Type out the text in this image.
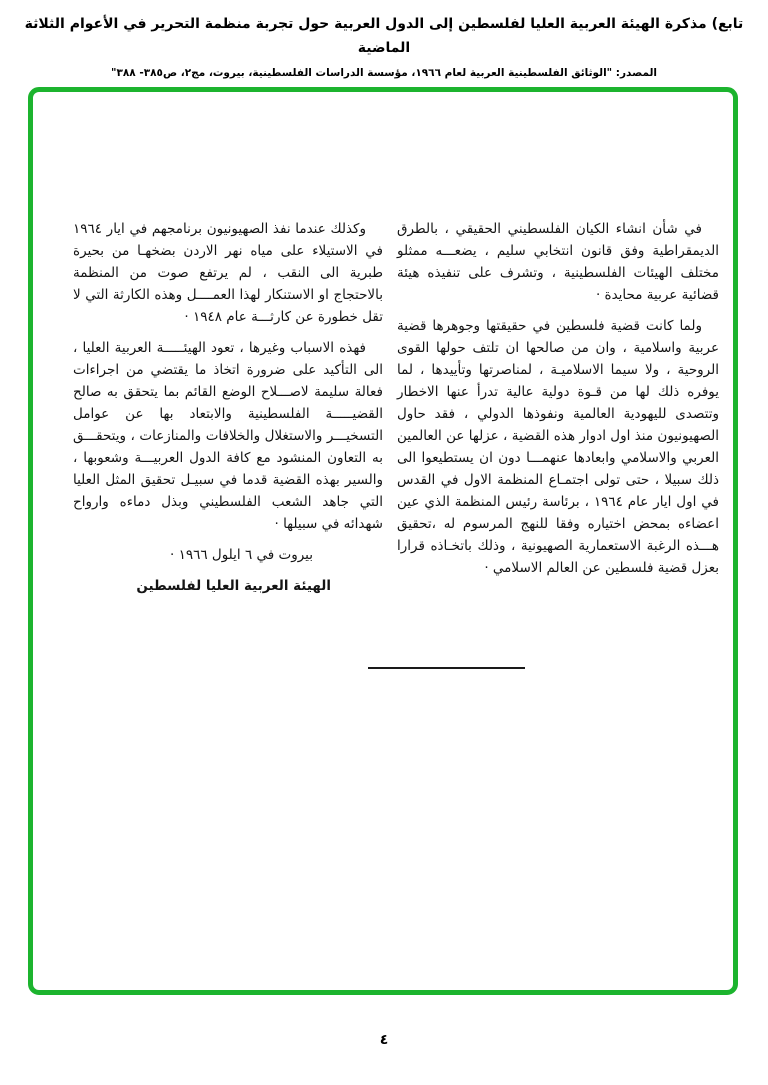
تابع) مذكرة الهيئة العربية العليا لفلسطين إلى الدول العربية حول تجربة منظمة التحرير في الأعوام الثلاثة الماضية
المصدر: "الوثائق الفلسطينية العربية لعام ١٩٦٦، مؤسسة الدراسات الفلسطينية، بيروت، مج٢، ص٣٨٥- ٣٨٨"

في شأن انشاء الكيان الفلسطيني الحقيقي ، بالطرق الديمقراطية وفق قانون انتخابي سليم ، يضعـــه ممثلو مختلف الهيئات الفلسطينية ، وتشرف على تنفيذه هيئة قضائية عربية محايدة ·

ولما كانت قضية فلسطين في حقيقتها وجوهرها قضية عربية واسلامية ، وان من صالحها ان تلتف حولها القوى الروحية ، ولا سيما الاسلاميـة ، لمناصرتها وتأييدها ، لما يوفره ذلك لها من قـوة دولية عالية تدرأ عنها الاخطار وتتصدى لليهودية العالمية ونفوذها الدولي ، فقد حاول الصهيونيون منذ اول ادوار هذه القضية ، عزلها عن العالمين العربي والاسلامي وابعادها عنهمـــا دون ان يستطيعوا الى ذلك سبيلا ، حتى تولى اجتمـاع المنظمة الاول في القدس في اول ايار عام ١٩٦٤ ، برئاسة رئيس المنظمة الذي عين اعضاءه بمحض اختياره وفقا للنهج المرسوم له ،تحقيق هـــذه الرغبة الاستعمارية الصهيونية ، وذلك باتخـاذه قرارا بعزل قضية فلسطين عن العالم الاسلامي ·

وكذلك عندما نفذ الصهيونيون برنامجهم في ايار ١٩٦٤ في الاستيلاء على مياه نهر الاردن بضخهـا من بحيرة طبرية الى النقب ، لم يرتفع صوت من المنظمة بالاحتجاج او الاستنكار لهذا العمــــل وهذه الكارثة التي لا تقل خطورة عن كارثـــة عام ١٩٤٨ ·

فهذه الاسباب وغيرها ، تعود الهيئـــــة العربية العليا ، الى التأكيد على ضرورة اتخاذ ما يقتضي من اجراءات فعالة سليمة لاصـــلاح الوضع القائم بما يتحقق به صالح القضيـــــة الفلسطينية والابتعاد بها عن عوامل التسخيـــر والاستغلال والخلافات والمنازعات ، ويتحقـــق به التعاون المنشود مع كافة الدول العربيـــة وشعوبها ، والسير بهذه القضية قدما في سبيـل تحقيق المثل العليا التي جاهد الشعب الفلسطيني وبذل دماءه وارواح شهدائه في سبيلها ·

بيروت في ٦ ايلول ١٩٦٦ ·

الهيئة العربية العليا لفلسطين

٤
